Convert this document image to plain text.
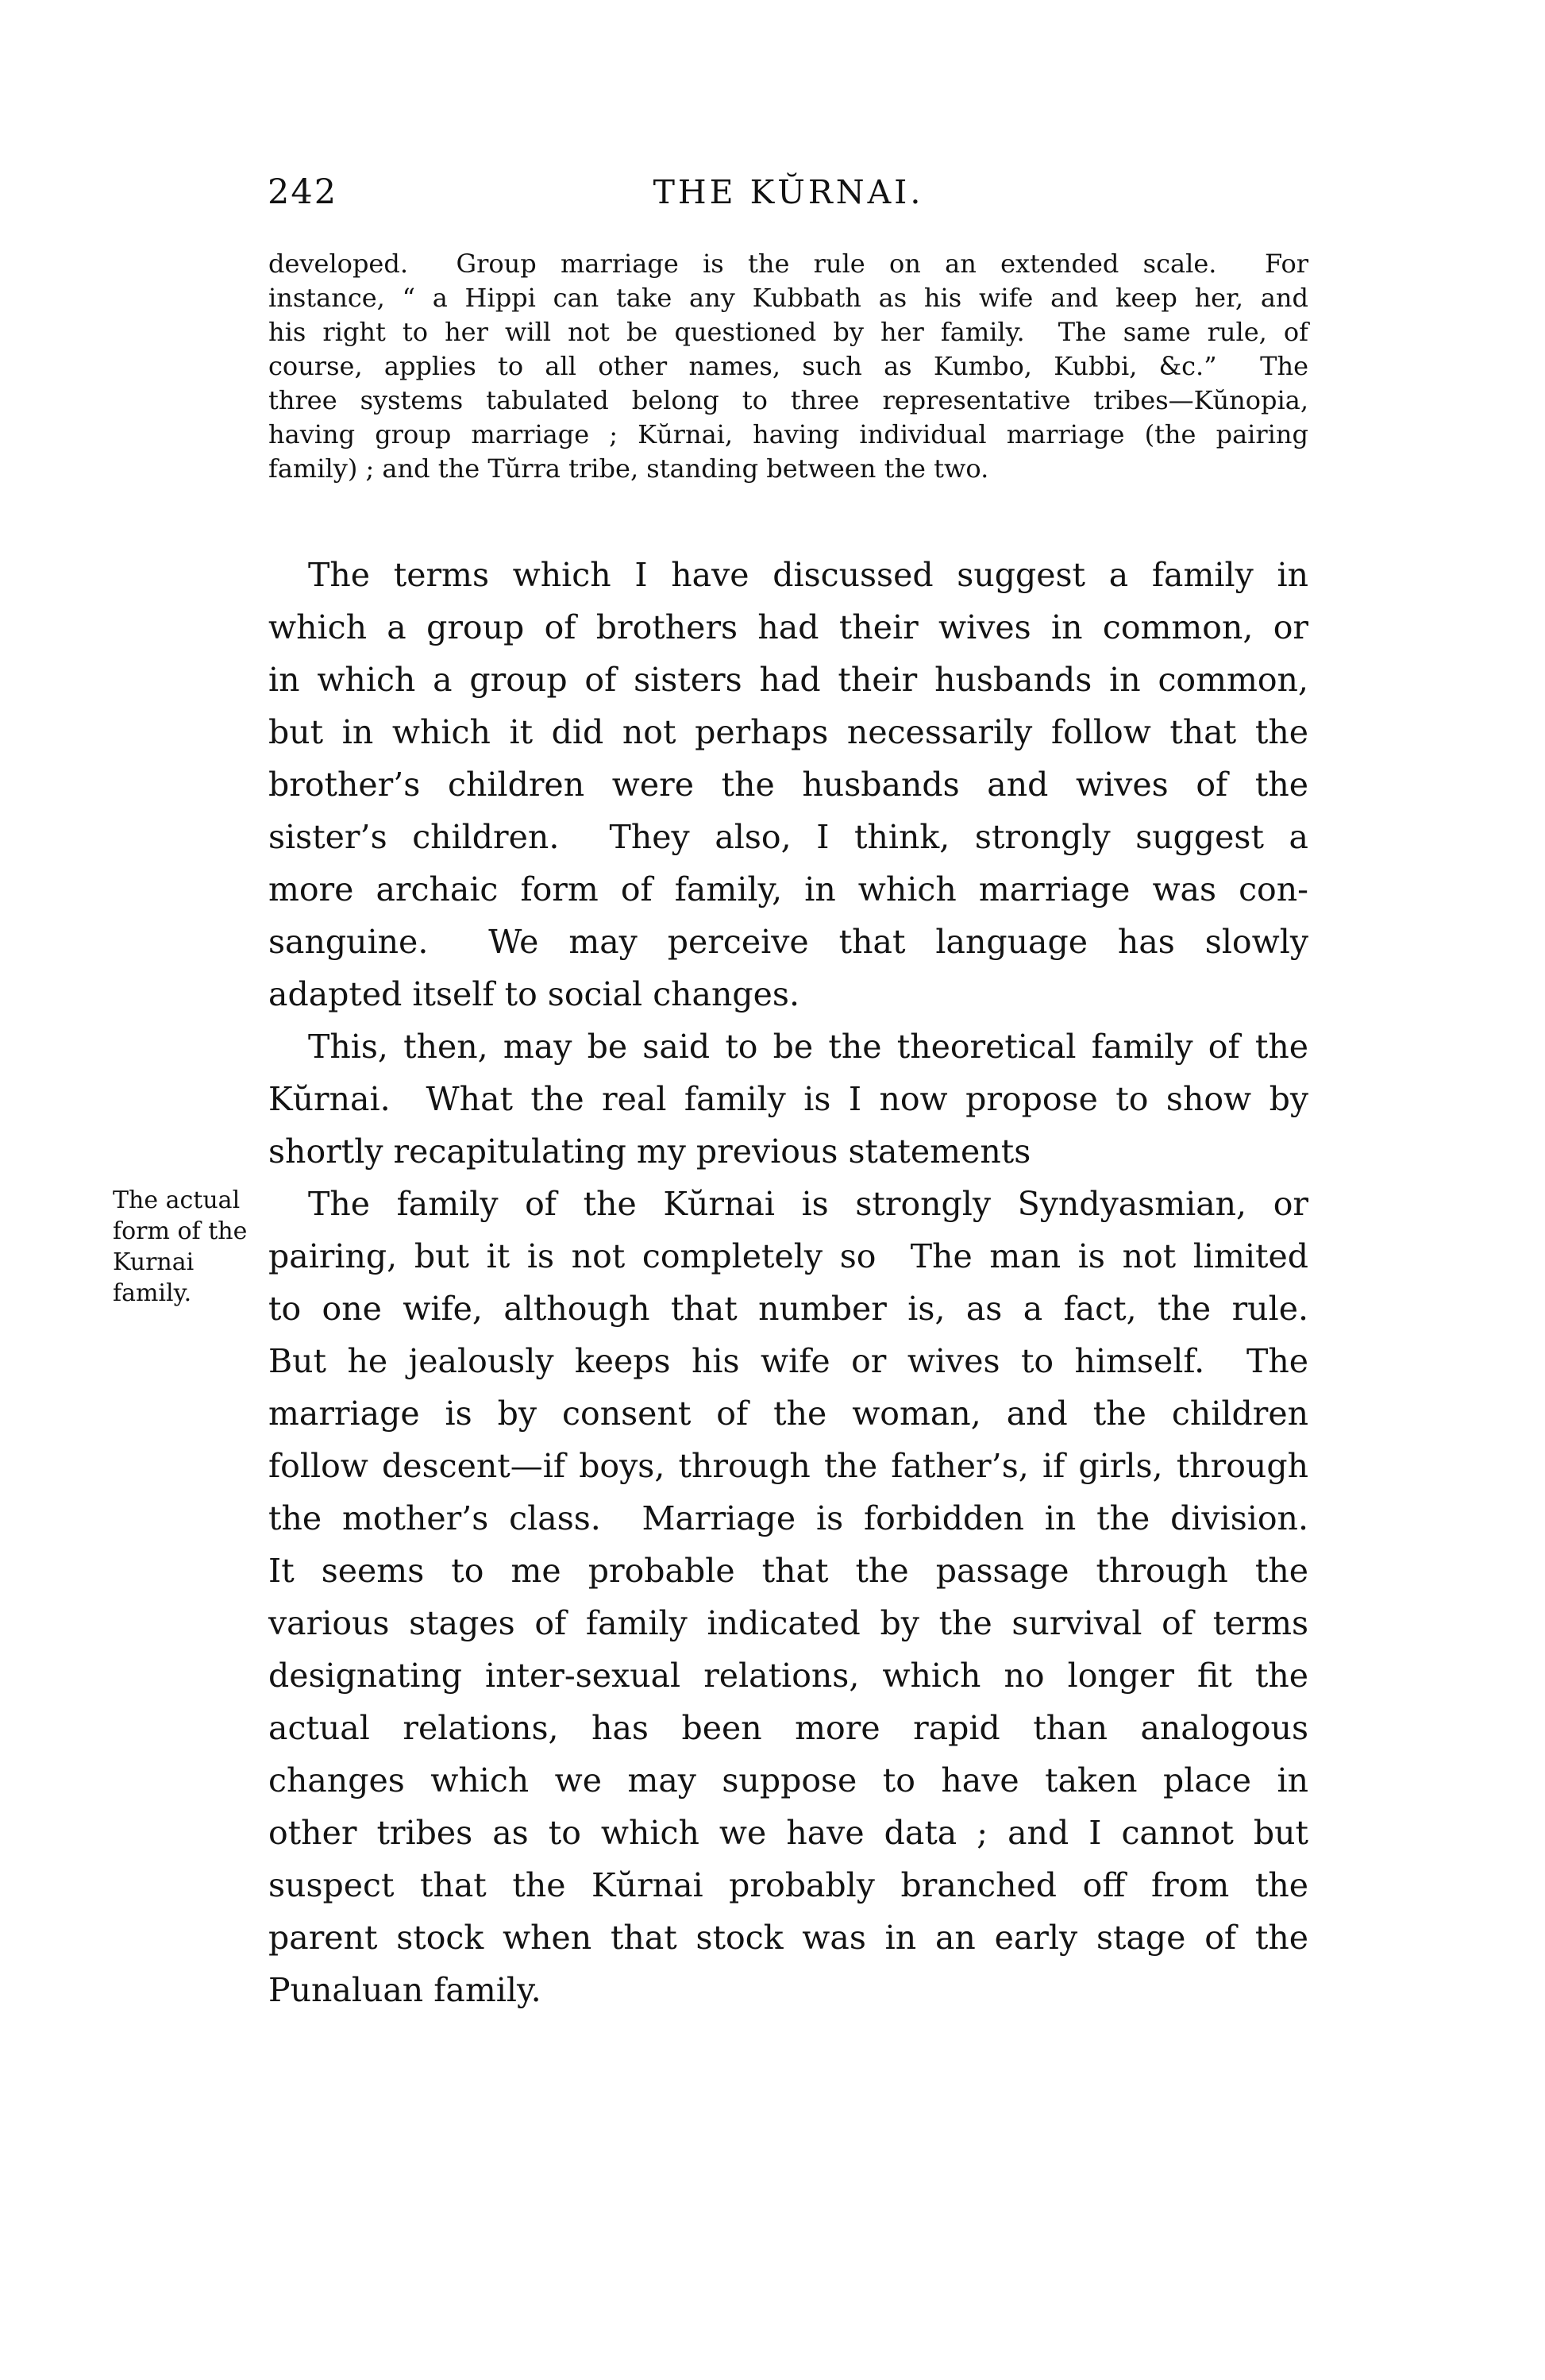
242	THE KŬRNAI.
developed.  Group marriage is the rule on an extended scale.  For
instance, “ a Hippi can take any Kubbath as his wife and keep her, and
his right to her will not be questioned by her family.  The same rule, of
course, applies to all other names, such as Kumbo, Kubbi, &c.”  The
three systems tabulated belong to three representative tribes—Kŭnopia,
having group marriage ; Kŭrnai, having individual marriage (the pairing
family) ; and the Tŭrra tribe, standing between the two.
The actual
form of the
Kurnai
family.
The terms which I have discussed suggest a family in
which a group of brothers had their wives in common, or
in which a group of sisters had their husbands in common,
but in which it did not perhaps necessarily follow that the
brother’s children were the husbands and wives of the
sister’s children.  They also, I think, strongly suggest a
more archaic form of family, in which marriage was con-
sanguine.  We may perceive that language has slowly
adapted itself to social changes.
This, then, may be said to be the theoretical family of the
Kŭrnai.  What the real family is I now propose to show by
shortly recapitulating my previous statements
The family of the Kŭrnai is strongly Syndyasmian, or
pairing, but it is not completely so  The man is not limited
to one wife, although that number is, as a fact, the rule.
But he jealously keeps his wife or wives to himself.  The
marriage is by consent of the woman, and the children
follow descent—if boys, through the father’s, if girls, through
the mother’s class.  Marriage is forbidden in the division.
It seems to me probable that the passage through the
various stages of family indicated by the survival of terms
designating inter-sexual relations, which no longer fit the
actual relations, has been more rapid than analogous
changes which we may suppose to have taken place in
other tribes as to which we have data ; and I cannot but
suspect that the Kŭrnai probably branched off from the
parent stock when that stock was in an early stage of the
Punaluan family.
